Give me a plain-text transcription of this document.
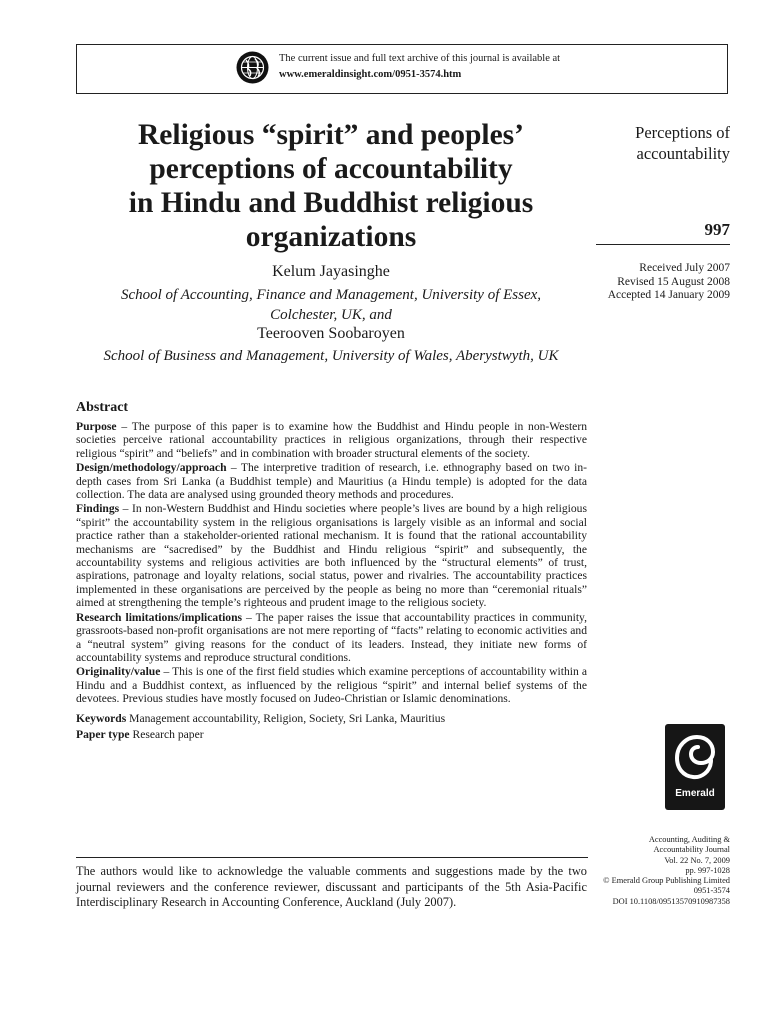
The current issue and full text archive of this journal is available at
www.emeraldinsight.com/0951-3574.htm
Religious “spirit” and peoples’
perceptions of accountability
in Hindu and Buddhist religious
organizations
Kelum Jayasinghe
School of Accounting, Finance and Management, University of Essex,
Colchester, UK, and
Teerooven Soobaroyen
School of Business and Management, University of Wales, Aberystwyth, UK
Perceptions of
accountability
997
Received July 2007
Revised 15 August 2008
Accepted 14 January 2009
Abstract

Purpose – The purpose of this paper is to examine how the Buddhist and Hindu people in non-Western societies perceive rational accountability practices in religious organizations, through their respective religious “spirit” and “beliefs” and in combination with broader structural elements of the society.

Design/methodology/approach – The interpretive tradition of research, i.e. ethnography based on two in-depth cases from Sri Lanka (a Buddhist temple) and Mauritius (a Hindu temple) is adopted for the data collection. The data are analysed using grounded theory methods and procedures.

Findings – In non-Western Buddhist and Hindu societies where people’s lives are bound by a high religious “spirit” the accountability system in the religious organisations is largely visible as an informal and social practice rather than a stakeholder-oriented rational mechanism. It is found that the rational accountability mechanisms are “sacredised” by the Buddhist and Hindu religious “spirit” and subsequently, the accountability systems and religious activities are both influenced by the “structural elements” of trust, aspirations, patronage and loyalty relations, social status, power and rivalries. The accountability practices implemented in these organisations are perceived by the people as being no more than “ceremonial rituals” aimed at strengthening the temple’s righteous and prudent image to the religious society.

Research limitations/implications – The paper raises the issue that accountability practices in community, grassroots-based non-profit organisations are not mere reporting of “facts” relating to economic activities and a “neutral system” giving reasons for the conduct of its leaders. Instead, they initiate new forms of accountability systems and reproduce structural conditions.

Originality/value – This is one of the first field studies which examine perceptions of accountability within a Hindu and a Buddhist context, as influenced by the religious “spirit” and internal belief systems of the devotees. Previous studies have mostly focused on Judeo-Christian or Islamic denominations.

Keywords Management accountability, Religion, Society, Sri Lanka, Mauritius

Paper type Research paper

Emerald
Accounting, Auditing &
Accountability Journal
Vol. 22 No. 7, 2009
pp. 997-1028
© Emerald Group Publishing Limited
0951-3574
DOI 10.1108/09513570910987358
The authors would like to acknowledge the valuable comments and suggestions made by the two journal reviewers and the conference reviewer, discussant and participants of the 5th Asia-Pacific Interdisciplinary Research in Accounting Conference, Auckland (July 2007).
